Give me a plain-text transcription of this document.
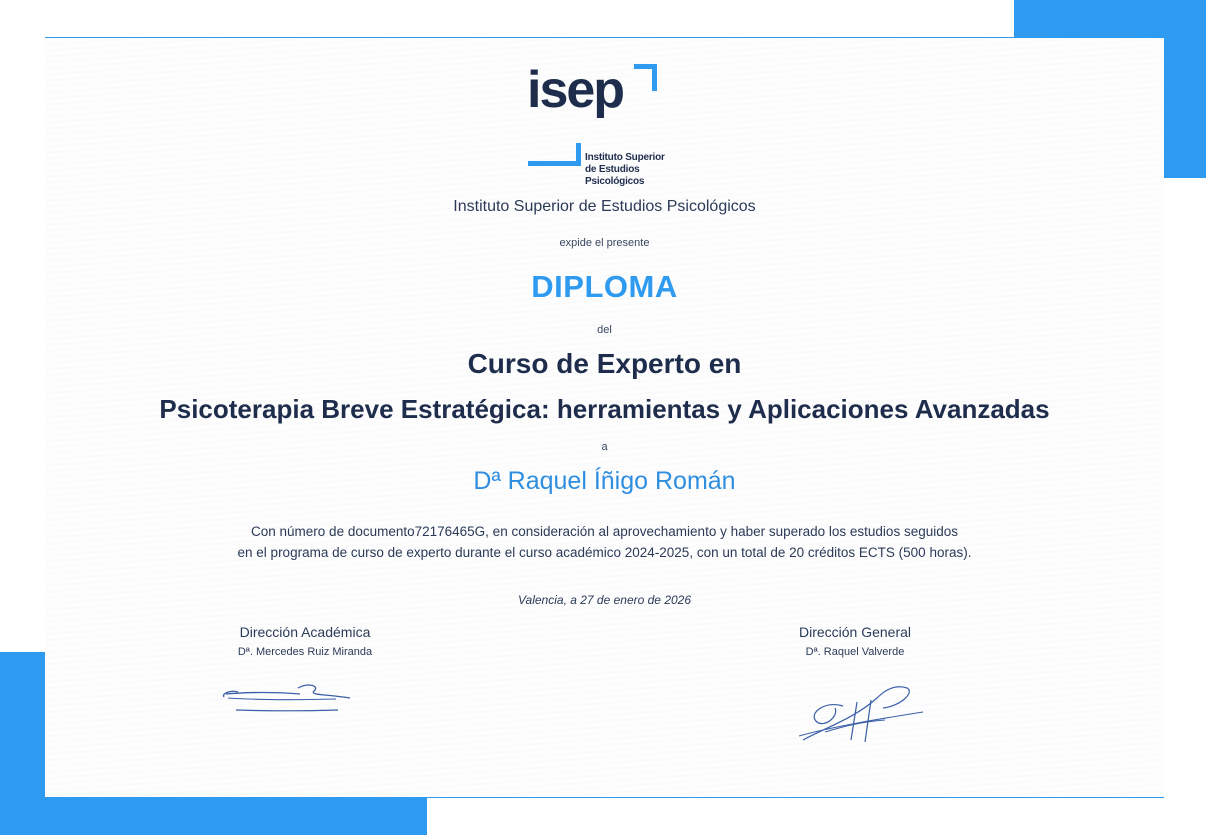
isep
Instituto Superior
de Estudios
Psicológicos
Instituto Superior de Estudios Psicológicos
expide el presente
DIPLOMA
del
Curso de Experto en
Psicoterapia Breve Estratégica: herramientas y Aplicaciones Avanzadas
a
Dª Raquel Íñigo Román
Con número de documento72176465G, en consideración al aprovechamiento y haber superado los estudios seguidos
en el programa de curso de experto durante el curso académico 2024-2025, con un total de 20 créditos ECTS (500 horas).
Valencia, a 27 de enero de 2026
Dirección Académica
Dª. Mercedes Ruiz Miranda
Dirección General
Dª. Raquel Valverde
